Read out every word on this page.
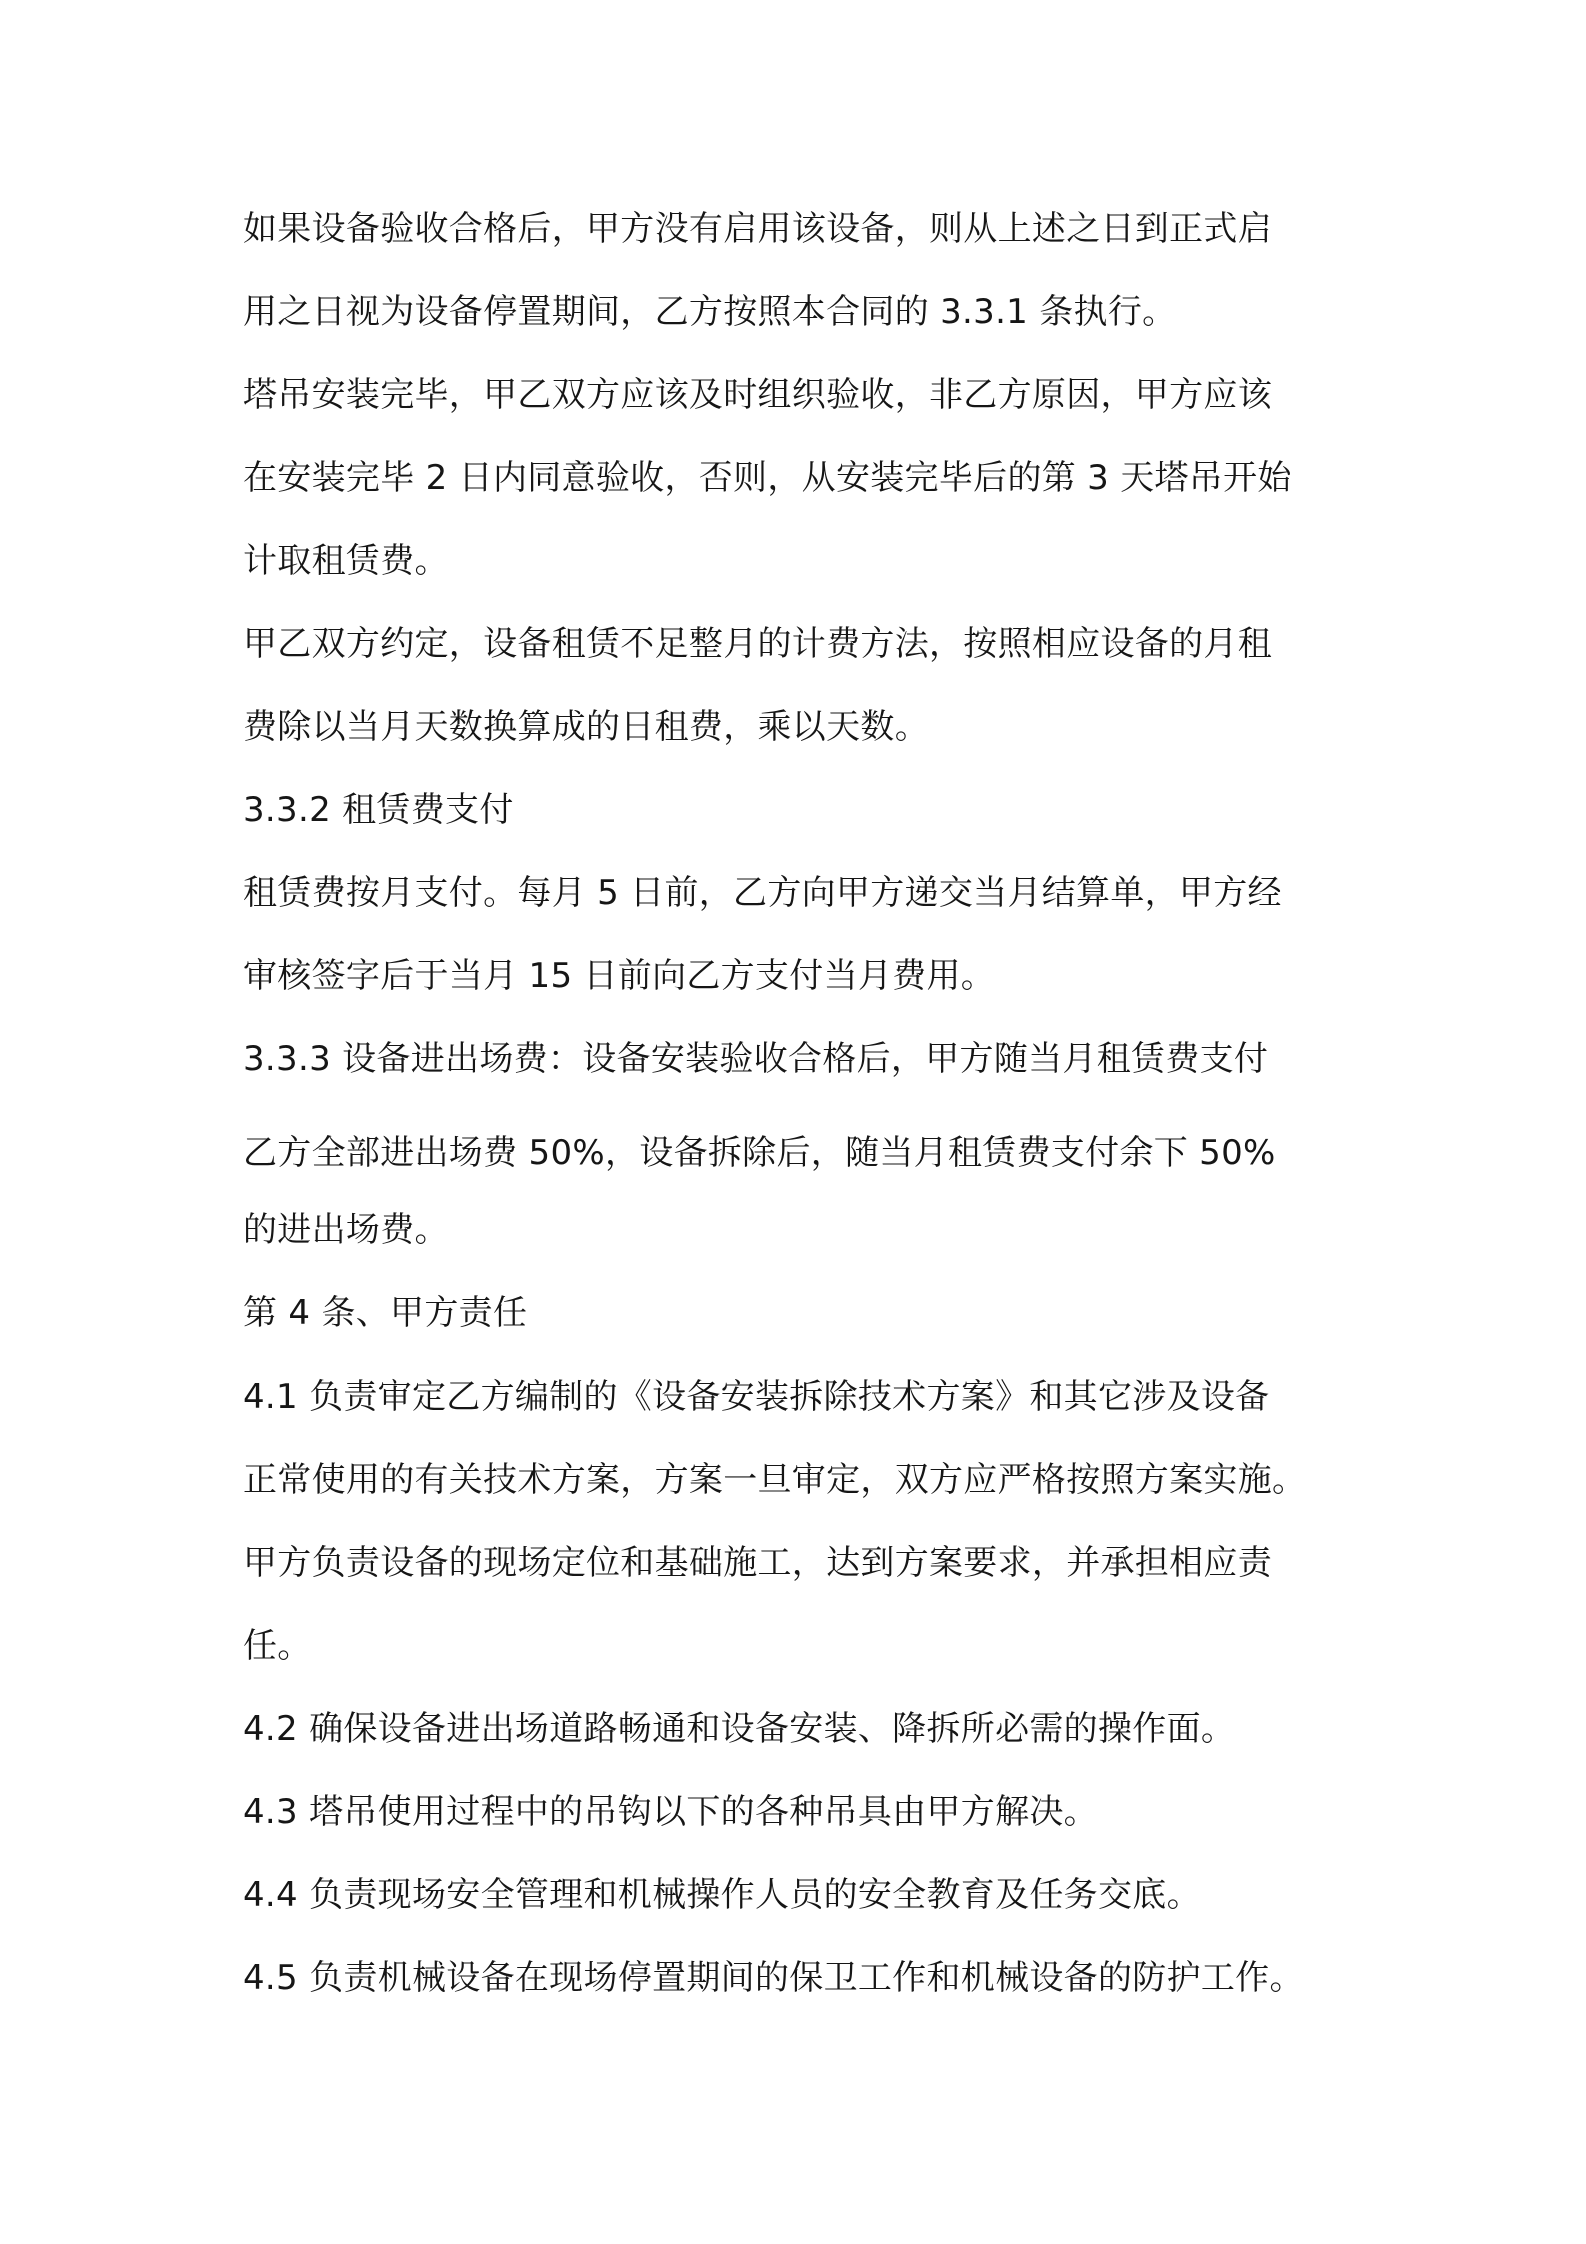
如果设备验收合格后，甲方没有启用该设备，则从上述之日到正式启
用之日视为设备停置期间，乙方按照本合同的 3.3.1 条执行。
塔吊安装完毕，甲乙双方应该及时组织验收，非乙方原因，甲方应该
在安装完毕 2 日内同意验收，否则，从安装完毕后的第 3 天塔吊开始
计取租赁费。
甲乙双方约定，设备租赁不足整月的计费方法，按照相应设备的月租
费除以当月天数换算成的日租费，乘以天数。
3.3.2 租赁费支付
租赁费按月支付。每月 5 日前，乙方向甲方递交当月结算单，甲方经
审核签字后于当月 15 日前向乙方支付当月费用。
3.3.3 设备进出场费：设备安装验收合格后，甲方随当月租赁费支付
乙方全部进出场费 50%，设备拆除后，随当月租赁费支付余下 50%
的进出场费。
第 4 条、甲方责任
4.1 负责审定乙方编制的《设备安装拆除技术方案》和其它涉及设备
正常使用的有关技术方案，方案一旦审定，双方应严格按照方案实施。
甲方负责设备的现场定位和基础施工，达到方案要求，并承担相应责
任。
4.2 确保设备进出场道路畅通和设备安装、降拆所必需的操作面。
4.3 塔吊使用过程中的吊钩以下的各种吊具由甲方解决。
4.4 负责现场安全管理和机械操作人员的安全教育及任务交底。
4.5 负责机械设备在现场停置期间的保卫工作和机械设备的防护工作。
